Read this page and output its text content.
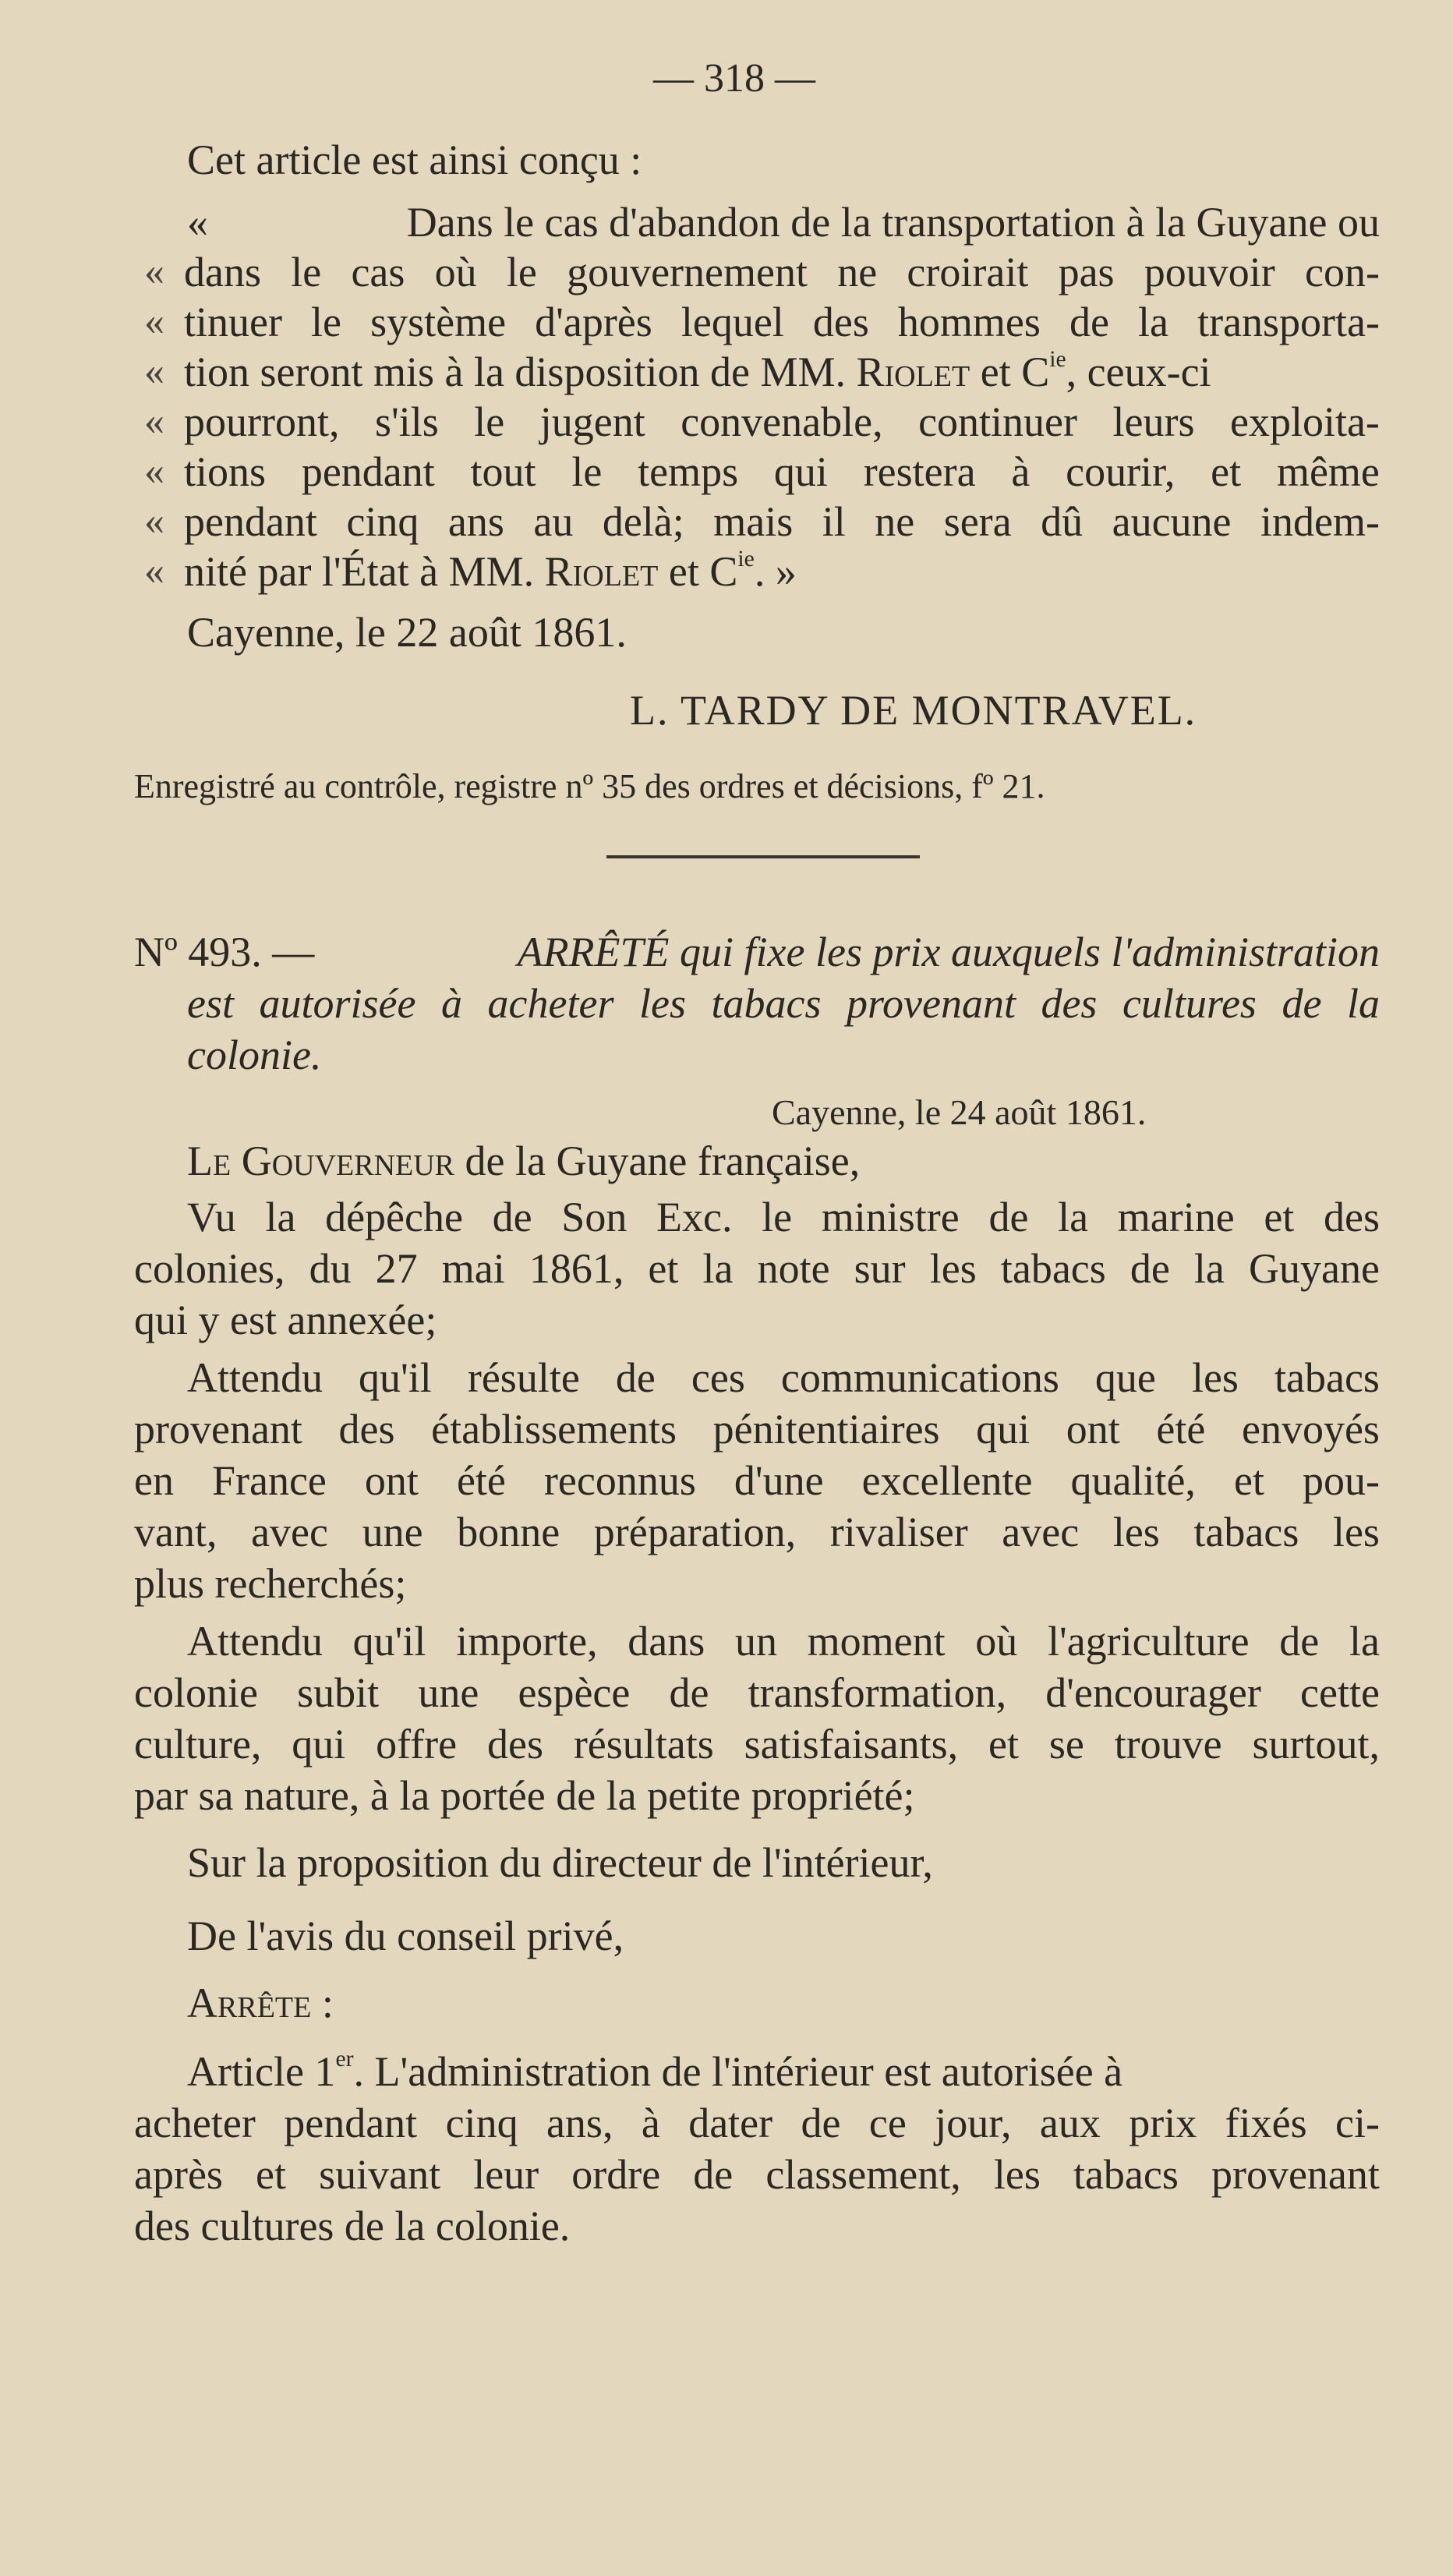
— 318 —
Cet article est ainsi conçu :
«	Dans le cas d'abandon de la transportation à la Guyane ou
« dans le cas où le gouvernement ne croirait pas pouvoir con-
« tinuer le système d'après lequel des hommes de la transporta-
« tion seront mis à la disposition de MM. Riolet et $C^{ie}$, ceux-ci
« pourront, s'ils le jugent convenable, continuer leurs exploita-
« tions pendant tout le temps qui restera à courir, et même
« pendant cinq ans au delà; mais il ne sera dû aucune indem-
« nité par l'État à MM. Riolet et $C^{ie}$. »
Cayenne, le 22 août 1861.
L. TARDY DE MONTRAVEL.
Enregistré au contrôle, registre nº 35 des ordres et décisions, fº 21.
Nº 493. —	ARRÊTÉ qui fixe les prix auxquels l'administration
est autorisée à acheter les tabacs provenant des cultures de la
colonie.
Cayenne, le 24 août 1861.
Le Gouverneur de la Guyane française,
Vu la dépêche de Son Exc. le ministre de la marine et des
colonies, du 27 mai 1861, et la note sur les tabacs de la Guyane
qui y est annexée;
Attendu qu'il résulte de ces communications que les tabacs
provenant des établissements pénitentiaires qui ont été envoyés
en France ont été reconnus d'une excellente qualité, et pou-
vant, avec une bonne préparation, rivaliser avec les tabacs les
plus recherchés;
Attendu qu'il importe, dans un moment où l'agriculture de la
colonie subit une espèce de transformation, d'encourager cette
culture, qui offre des résultats satisfaisants, et se trouve surtout,
par sa nature, à la portée de la petite propriété;
Sur la proposition du directeur de l'intérieur,
De l'avis du conseil privé,
Arrête :
Article 1er. L'administration de l'intérieur est autorisée à
acheter pendant cinq ans, à dater de ce jour, aux prix fixés ci-
après et suivant leur ordre de classement, les tabacs provenant
des cultures de la colonie.
